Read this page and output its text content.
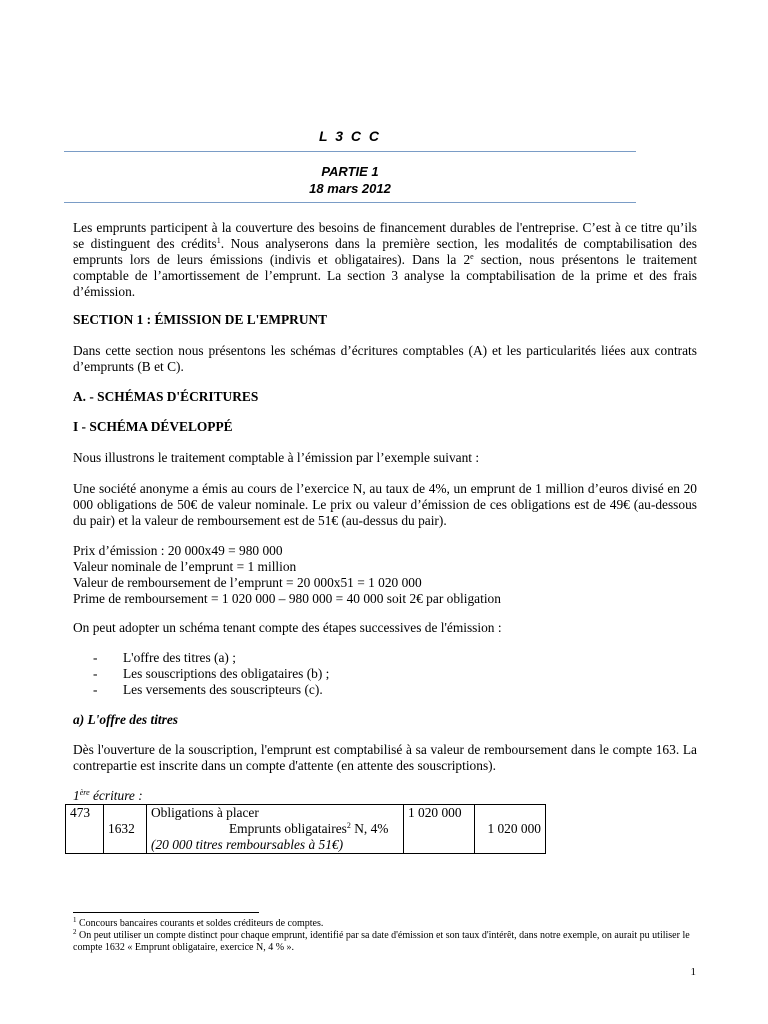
L 3 C C
PARTIE 1
18 mars 2012
Les emprunts participent à la couverture des besoins de financement durables de l'entreprise. C’est à ce titre qu’ils se distinguent des crédits$^1$. Nous analyserons dans la première section, les modalités de comptabilisation des emprunts lors de leurs émissions (indivis et obligataires). Dans la 2e section, nous présentons le traitement comptable de l’amortissement de l’emprunt. La section 3 analyse la comptabilisation de la prime et des frais d’émission.
SECTION 1 : ÉMISSION DE L'EMPRUNT
Dans cette section nous présentons les schémas d’écritures comptables (A) et les particularités liées aux contrats d’emprunts (B et C).
A. - SCHÉMAS D'ÉCRITURES
I - SCHÉMA DÉVELOPPÉ
Nous illustrons le traitement comptable à l’émission par l’exemple suivant :
Une société anonyme a émis au cours de l’exercice N, au taux de 4%, un emprunt de 1 million d’euros divisé en 20 000 obligations de 50€ de valeur nominale. Le prix ou valeur d’émission de ces obligations est de 49€ (au-dessous du pair) et la valeur de remboursement est de 51€ (au-dessus du pair).
Prix d’émission : 20 000x49 = 980 000
Valeur nominale de l’emprunt = 1 million
Valeur de remboursement de l’emprunt = 20 000x51 = 1 020 000
Prime de remboursement = 1 020 000 – 980 000 = 40 000 soit 2€ par obligation
On peut adopter un schéma tenant compte des étapes successives de l'émission :
- L'offre des titres (a) ;
- Les souscriptions des obligataires (b) ;
- Les versements des souscripteurs (c).
a) L'offre des titres
Dès l'ouverture de la souscription, l'emprunt est comptabilisé à sa valeur de remboursement dans le compte 163. La contrepartie est inscrite dans un compte d'attente (en attente des souscriptions).
1ère écriture :
473	1632	Obligations à placer	1 020 000	1 020 000

		Emprunts obligataires$^2$ N, 4%
(20 000 titres remboursables à 51€)		

$^1$ Concours bancaires courants et soldes créditeurs de comptes.
$^2$ On peut utiliser un compte distinct pour chaque emprunt, identifié par sa date d'émission et son taux d'intérêt, dans notre exemple, on aurait pu utiliser le compte 1632 « Emprunt obligataire, exercice N, 4 % ».
1
